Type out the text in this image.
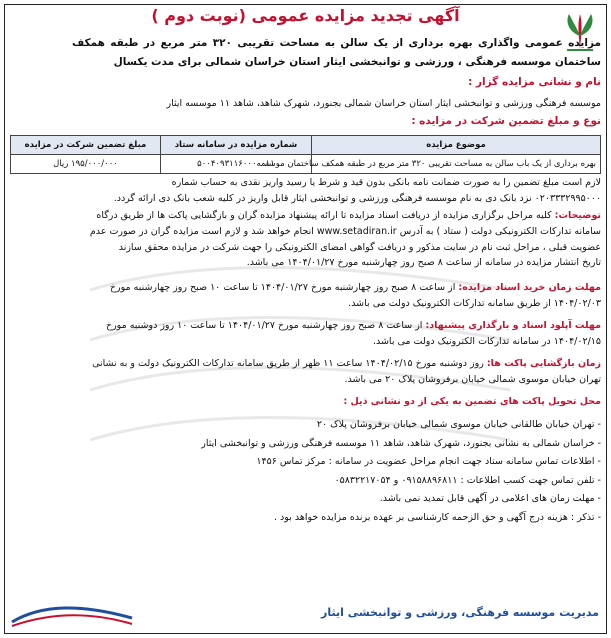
آگهی تجدید مزایده عمومی (نوبت دوم )
مزایده عمومی واگذاری بهره برداری از یک سالن به مساحت تقریبی ۳۲۰ متر مربع در طبقه همکف ساختمان موسسه فرهنگی ، ورزشی و توانبخشی ایثار استان خراسان شمالی برای مدت یکسال
نام و نشانی مزایده گزار :
موسسه فرهنگی ورزشی و توانبخشی ایثار استان خراسان شمالی بجنورد، شهرک شاهد، شاهد ۱۱ موسسه ایثار
نوع و مبلغ تضمین شرکت در مزایده :
موضوع مزایده	شماره مزایده در سامانه ستاد	مبلغ تضمین شرکت در مزایده
بهره برداری از یک باب سالن به مساحت تقریبی ۳۲۰ متر مربع در طبقه همکف ساختمان موسسه	۵۰۰۴۰۹۳۱۱۶۰۰۰۰۰۱۱	۱۹۵/۰۰۰/۰۰۰ ریال
لازم است مبلغ تضمین را به صورت ضمانت نامه بانکی بدون قید و شرط یا رسید واریز نقدی به حساب شماره
۰۲۰۳۳۳۲۹۹۵۰۰۰ نزد بانک دی به نام موسسه فرهنگی ورزشی و توانبخشی ایثار قابل واریز در کلیه شعب بانک دی ارائه گردد.
توضیحات: کلیه مراحل برگزاری مزایده از دریافت اسناد مزایده تا ارائه پیشنهاد مزایده گران و بازگشایی پاکت ها از طریق درگاه
سامانه تدارکات الکترونیکی دولت ( ستاد ) به آدرس www.setadiran.ir انجام خواهد شد و لازم است مزایده گران در صورت عدم
عضویت قبلی ، مراحل ثبت نام در سایت مذکور و دریافت گواهی امضای الکترونیکی را جهت شرکت در مزایده محقق سازند
تاریخ انتشار مزایده در سامانه از ساعت ۸ صبح روز چهارشنبه مورخ ۱۴۰۴/۰۱/۲۷ می باشد.
مهلت زمان خرید اسناد مزایده: از ساعت ۸ صبح روز چهارشنبه مورخ ۱۴۰۴/۰۱/۲۷ تا ساعت ۱۰ صبح روز چهارشنبه مورخ
۱۴۰۴/۰۲/۰۳ از طریق سامانه تدارکات الکترونیک دولت می باشد.
مهلت آپلود اسناد و بارگذاری پیشنهاد: از ساعت ۸ صبح روز چهارشنبه مورخ ۱۴۰۴/۰۱/۲۷ تا ساعت ۱۰ روز دوشنبه مورخ
۱۴۰۴/۰۲/۱۵ در سامانه تدارکات الکترونیک دولت می باشد.
زمان بازگشایی پاکت ها: روز دوشنبه مورخ ۱۴۰۴/۰۲/۱۵ ساعت ۱۱ ظهر از طریق سامانه تدارکات الکترونیک دولت و به نشانی
تهران خیابان موسوی شمالی خیابان برفروشان پلاک ۲۰ می باشد.
محل تحویل پاکت های تضمین به یکی از دو نشانی ذیل :
- تهران خیابان طالقانی خیابان موسوی شمالی خیابان برفروشان پلاک ۲۰
- خراسان شمالی به نشانی بجنورد، شهرک شاهد، شاهد ۱۱ موسسه فرهنگی ورزشی و توانبخشی ایثار
- اطلاعات تماس سامانه ستاد جهت انجام مراحل عضویت در سامانه : مرکز تماس ۱۴۵۶
- تلفن تماس جهت کسب اطلاعات : ۰۹۱۵۸۸۹۶۸۱۱ و ۰۵۸۳۲۲۱۷۰۵۴
- مهلت زمان های اعلامی در آگهی قابل تمدید نمی باشد.
- تذکر : هزینه درج آگهی و حق الزحمه کارشناسی بر عهده برنده مزایده خواهد بود .
مدیریت موسسه فرهنگی، ورزشی و توانبخشی ایثار
